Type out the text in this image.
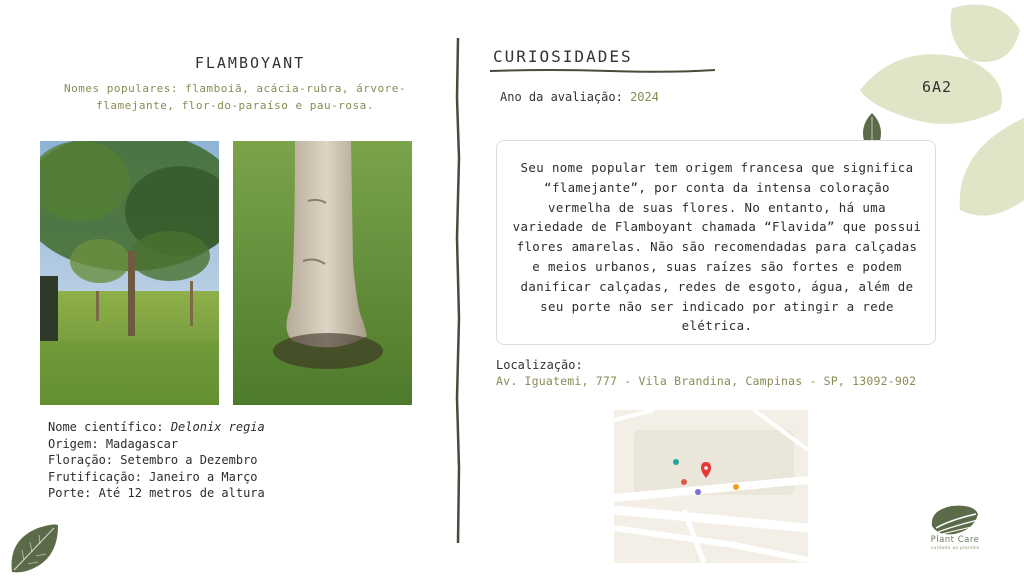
FLAMBOYANT
Nomes populares: flamboiã, acácia-rubra, árvore-flamejante, flor-do-paraíso e pau-rosa.
Nome científico: Delonix regia
Origem: Madagascar
Floração: Setembro a Dezembro
Frutificação: Janeiro a Março
Porte: Até 12 metros de altura
CURIOSIDADES
Ano da avaliação: 2024
6A2

Seu nome popular tem origem francesa que significa “flamejante”, por conta da intensa coloração vermelha de suas flores. No entanto, há uma variedade de Flamboyant chamada “Flavida” que possui flores amarelas. Não são recomendadas para calçadas e meios urbanos, suas raízes são fortes e podem danificar calçadas, redes de esgoto, água, além de seu porte não ser indicado por atingir a rede elétrica.

Localização:
Av. Iguatemi, 777 - Vila Brandina, Campinas - SP, 13092-902
Plant Care
cuidado ao planeta
